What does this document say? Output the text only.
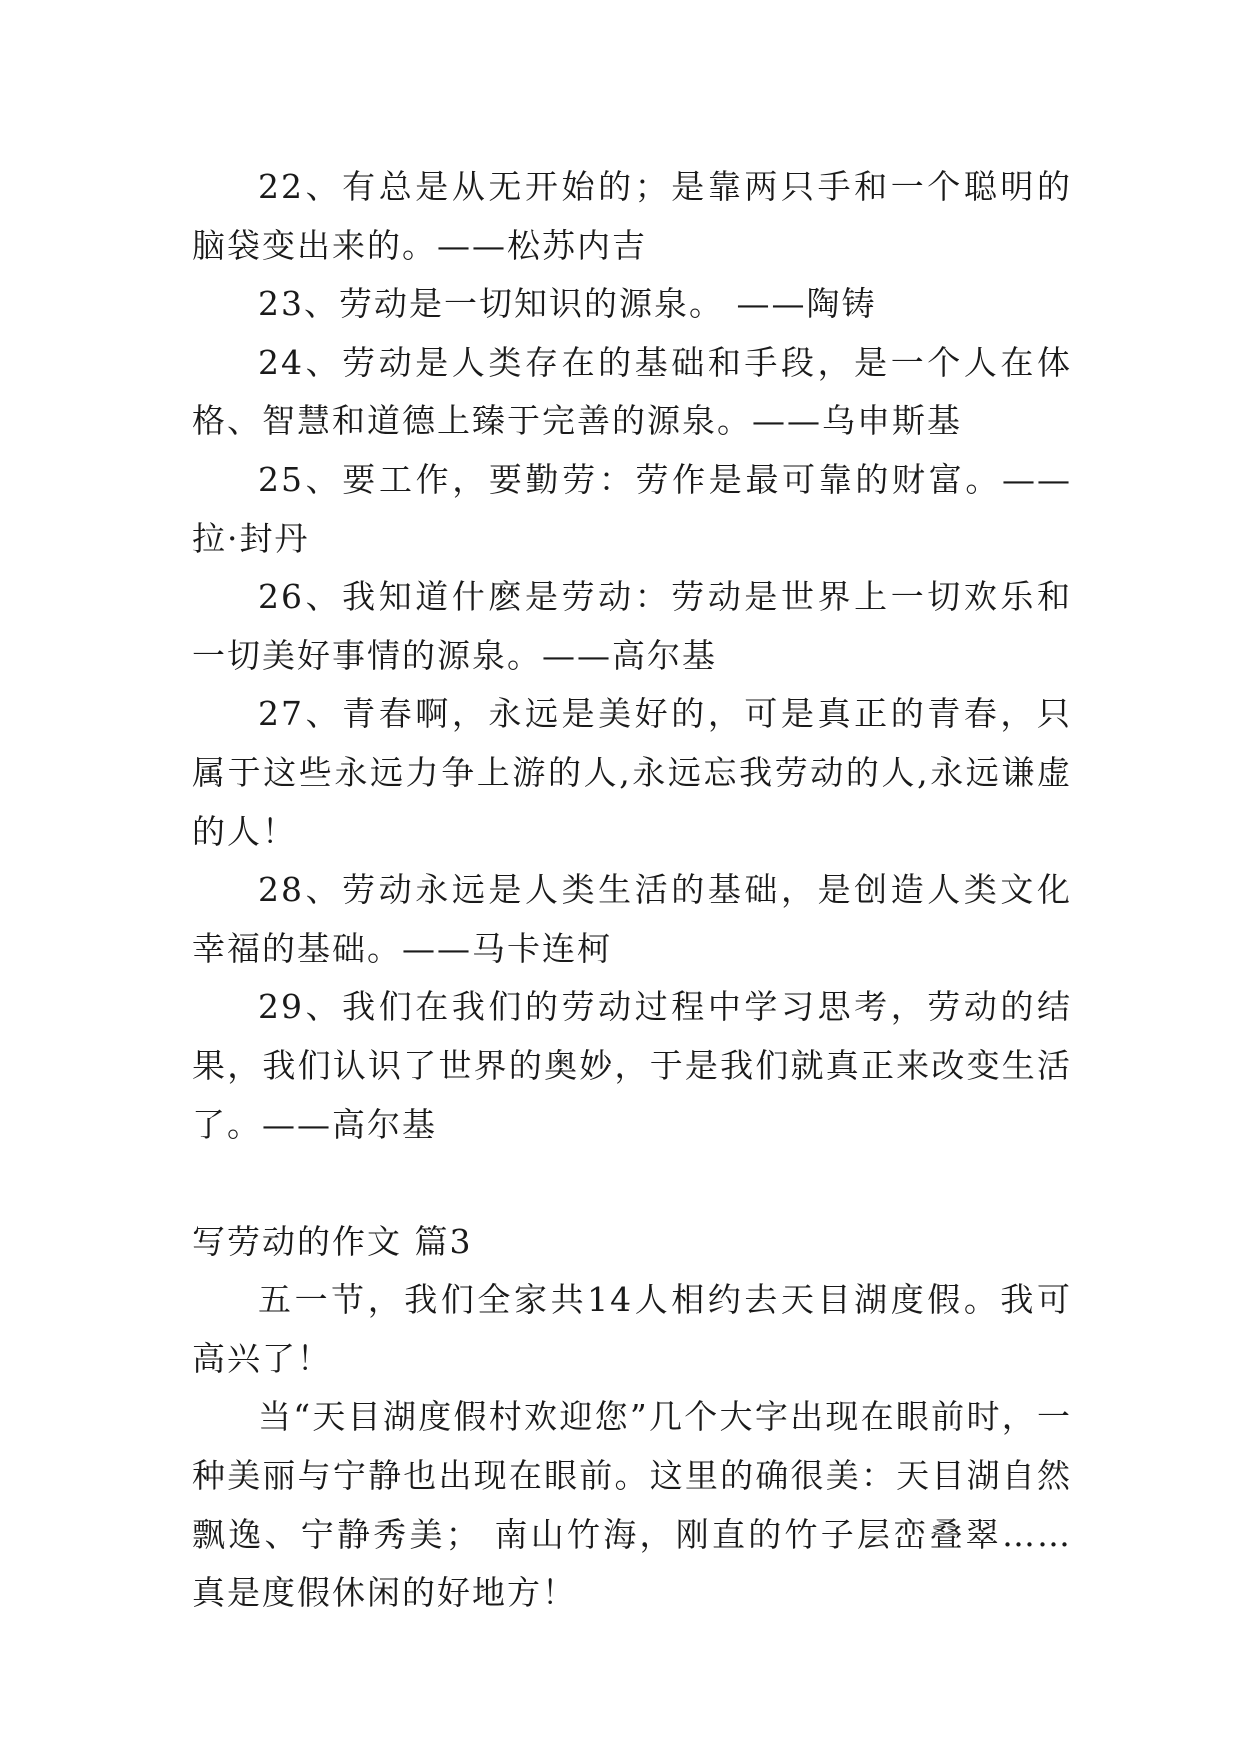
22、有总是从无开始的；是靠两只手和一个聪明的脑袋变出来的。——松苏内吉

23、劳动是一切知识的源泉。 ——陶铸

24、劳动是人类存在的基础和手段，是一个人在体格、智慧和道德上臻于完善的源泉。——乌申斯基

25、要工作，要勤劳：劳作是最可靠的财富。——拉·封丹

26、我知道什麽是劳动：劳动是世界上一切欢乐和一切美好事情的源泉。——高尔基

27、青春啊，永远是美好的，可是真正的青春，只属于这些永远力争上游的人,永远忘我劳动的人,永远谦虚的人！

28、劳动永远是人类生活的基础，是创造人类文化幸福的基础。——马卡连柯

29、我们在我们的劳动过程中学习思考，劳动的结果，我们认识了世界的奥妙，于是我们就真正来改变生活了。——高尔基

写劳动的作文 篇3

五一节，我们全家共14人相约去天目湖度假。我可高兴了！

当“天目湖度假村欢迎您”几个大字出现在眼前时，一种美丽与宁静也出现在眼前。这里的确很美：天目湖自然飘逸、宁静秀美； 南山竹海，刚直的竹子层峦叠翠……真是度假休闲的好地方！
